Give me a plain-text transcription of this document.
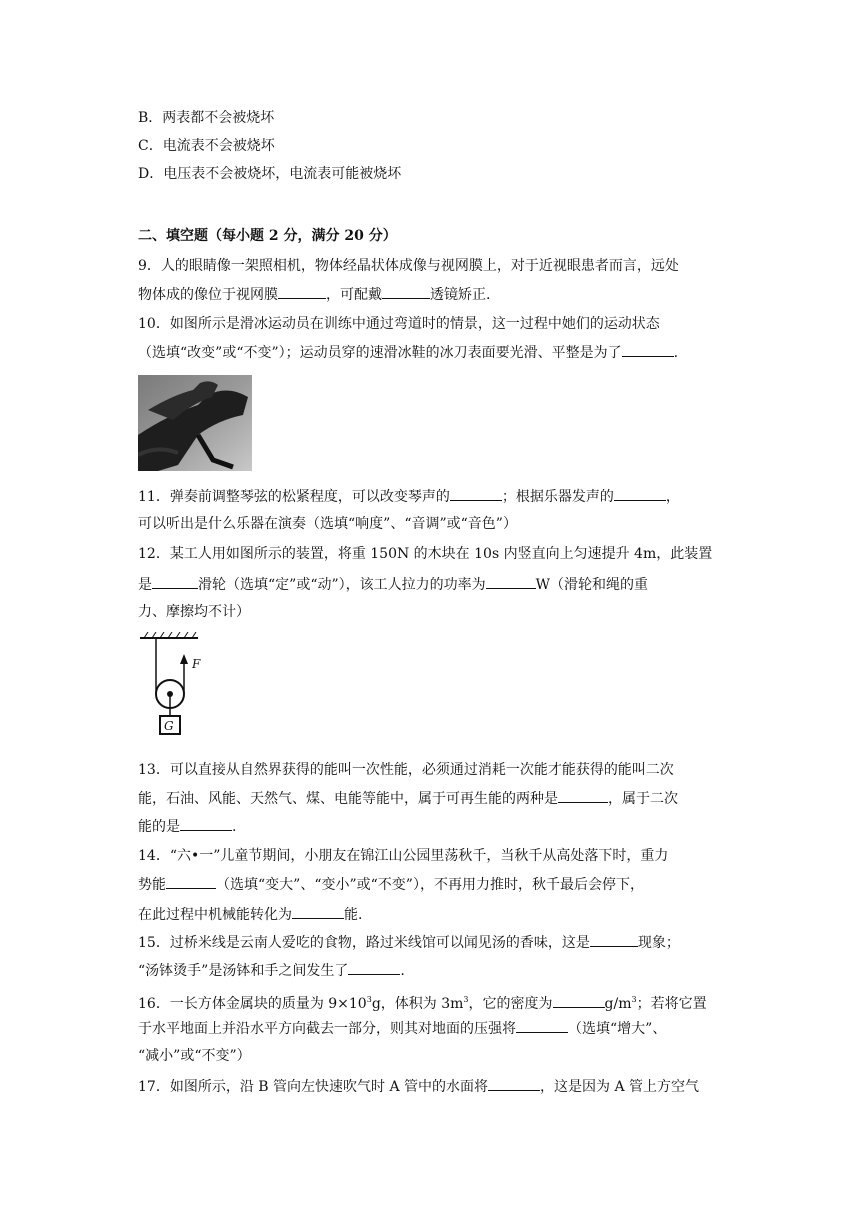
B．两表都不会被烧坏
C．电流表不会被烧坏
D．电压表不会被烧坏，电流表可能被烧坏
二、填空题（每小题 2 分，满分 20 分）
9．人的眼睛像一架照相机，物体经晶状体成像与视网膜上，对于近视眼患者而言，远处
物体成的像位于视网膜	，可配戴	透镜矫正.
10．如图所示是滑冰运动员在训练中通过弯道时的情景，这一过程中她们的运动状态
（选填“改变”或“不变”）；运动员穿的速滑冰鞋的冰刀表面要光滑、平整是为了	.
11．弹奏前调整琴弦的松紧程度，可以改变琴声的	；根据乐器发声的	，
可以听出是什么乐器在演奏（选填“响度”、“音调”或“音色”）
12．某工人用如图所示的装置，将重 150N 的木块在 10s 内竖直向上匀速提升 4m，此装置
是	滑轮（选填“定”或“动”），该工人拉力的功率为	W（滑轮和绳的重
力、摩擦均不计）
F
G
13．可以直接从自然界获得的能叫一次性能，必须通过消耗一次能才能获得的能叫二次
能，石油、风能、天然气、煤、电能等能中，属于可再生能的两种是	，属于二次
能的是	.
14．“六•一”儿童节期间，小朋友在锦江山公园里荡秋千，当秋千从高处落下时，重力
势能	（选填“变大”、“变小”或“不变”），不再用力推时，秋千最后会停下，
在此过程中机械能转化为	能.
15．过桥米线是云南人爱吃的食物，路过米线馆可以闻见汤的香味，这是	现象；
“汤钵烫手”是汤钵和手之间发生了	.
16．一长方体金属块的质量为 $9\times 10^3g$，体积为 $3m^3$，它的密度为	$g/m^3$；若将它置
于水平地面上并沿水平方向截去一部分，则其对地面的压强将	（选填“增大”、
“减小”或“不变”）
17．如图所示，沿 B 管向左快速吹气时 A 管中的水面将	，这是因为 A 管上方空气
